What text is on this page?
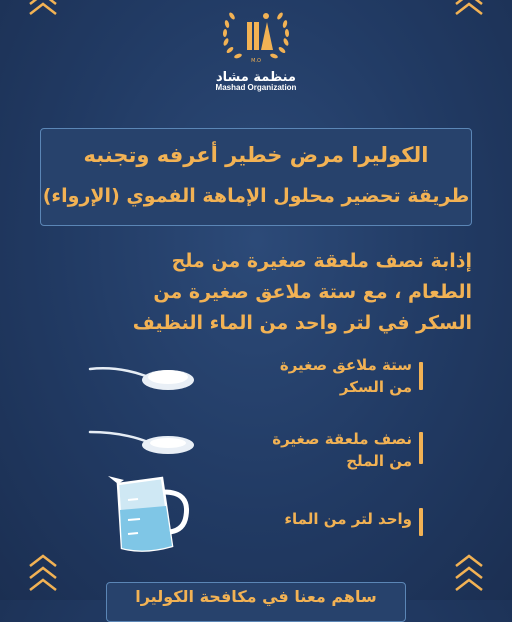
M.O
منظمة مشاد
Mashad Organization
الكوليرا مرض خطير أعرفه وتجنبه
طريقة تحضير محلول الإماهة الفموي (الإرواء)
إذابة نصف ملعقة صغيرة من ملح
الطعام ، مع ستة ملاعق صغيرة من
السكر في لتر واحد من الماء النظيف
ستة ملاعق صغيرة
من السكر
نصف ملعقة صغيرة
من الملح
واحد لتر من الماء
ساهم معنا في مكافحة الكوليرا
